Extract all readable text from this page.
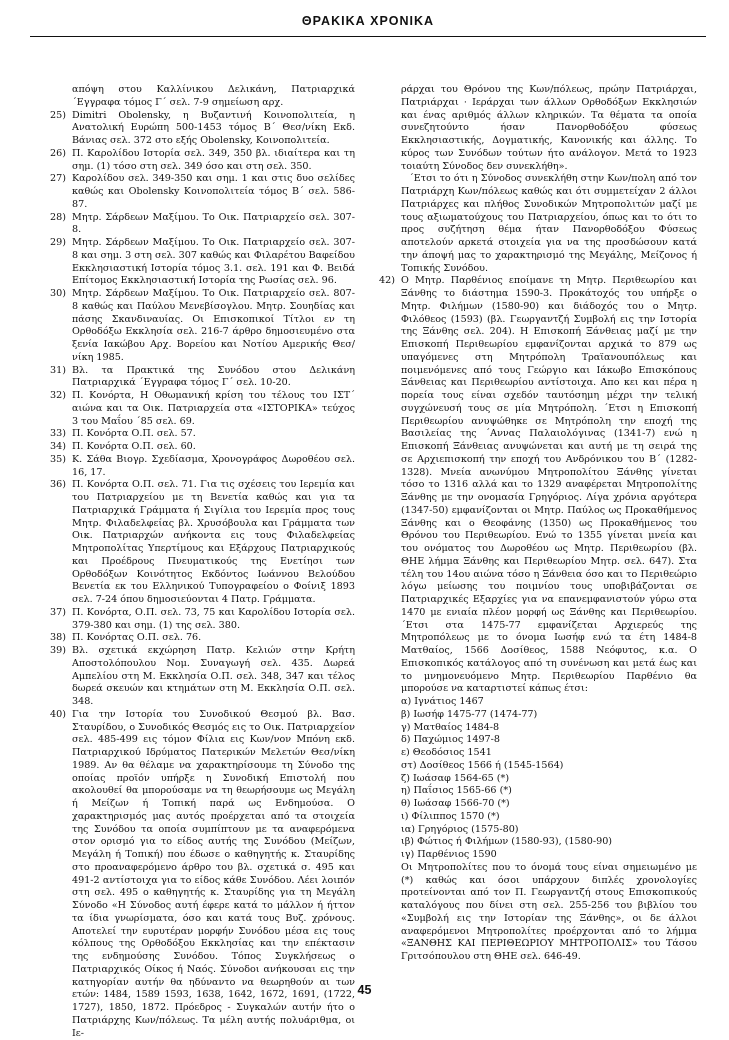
ΘΡΑΚΙΚΑ ΧΡΟΝΙΚΑ
απόψη στου Καλλίνικου Δελικάνη, Πατριαρχικά ΄Εγγραφα τόμος Γ΄ σελ. 7-9 σημείωση αρχ.
25) Dimitri Obolensky, η Βυζαντινή Κοινοπολιτεία, η Ανατολική Ευρώπη 500-1453 τόμος Β΄ Θεσ/νίκη Εκδ. Βάνιας σελ. 372 στο εξής Obolensky, Κοινοπολιτεία.
26) Π. Καρολίδου Ιστορία σελ. 349, 350 βλ. ιδιαίτερα και τη σημ. (1) τόσο στη σελ. 349 όσο και στη σελ. 350.
27) Καρολίδου σελ. 349-350 και σημ. 1 και στις δυο σελίδες καθώς και Obolensky Κοινοπολιτεία τόμος Β΄ σελ. 586-87.
28) Μητρ. Σάρδεων Μαξίμου. Το Οικ. Πατριαρχείο σελ. 307-8.
29) Μητρ. Σάρδεων Μαξίμου. Το Οικ. Πατριαρχείο σελ. 307-8 και σημ. 3 στη σελ. 307 καθώς και Φιλαρέτου Βαφείδου Εκκλησιαστική Ιστορία τόμος 3.1. σελ. 191 και Φ. Βειδά Επίτομος Εκκλησιαστική Ιστορία της Ρωσίας σελ. 96.
30) Μητρ. Σάρδεων Μαξίμου. Το Οικ. Πατριαρχείο σελ. 807-8 καθώς και Παύλου Μενεβίσογλου. Μητρ. Σουηδίας και πάσης Σκανδιναυίας. Οι Επισκοπικοί Τίτλοι εν τη Ορθοδόξω Εκκλησία σελ. 216-7 άρθρο δημοσιευμένο στα ξενία Ιακώβου Αρχ. Βορείου και Νοτίου Αμερικής Θεσ/νίκη 1985.
31) Βλ. τα Πρακτικά της Συνόδου στου Δελικάνη Πατριαρχικά ΄Εγγραφα τόμος Γ΄ σελ. 10-20.
32) Π. Κονόρτα, Η Οθωμανική κρίση του τέλους του ΙΣΤ΄ αιώνα και τα Οικ. Πατριαρχεία στα «ΙΣΤΟΡΙΚΑ» τεύχος 3 του Μαΐου ΄85 σελ. 69.
33) Π. Κονόρτα Ο.Π. σελ. 57.
34) Π. Κονόρτα Ο.Π. σελ. 60.
35) Κ. Σάθα Βιογρ. Σχεδίασμα, Χρονογράφος Δωροθέου σελ. 16, 17.
36) Π. Κονόρτα Ο.Π. σελ. 71. Για τις σχέσεις του Ιερεμία και του Πατριαρχείου με τη Βενετία καθώς και για τα Πατριαρχικά Γράμματα ή Σιγίλια του Ιερεμία προς τους Μητρ. Φιλαδελφείας βλ. Χρυσόβουλα και Γράμματα των Οικ. Πατριαρχών ανήκοντα εις τους Φιλαδελφείας Μητροπολίτας Υπερτίμους και Εξάρχους Πατριαρχικούς και Προέδρους Πνευματικούς της Ενετίησι των Ορθοδόξων Κοινότητος Εκδόντος Ιωάννου Βελούδου Βενετία εκ του Ελληνικού Τυπογραφείου ο Φοίνιξ 1893 σελ. 7-24 όπου δημοσιεύονται 4 Πατρ. Γράμματα.
37) Π. Κονόρτα, Ο.Π. σελ. 73, 75 και Καρολίδου Ιστορία σελ. 379-380 και σημ. (1) της σελ. 380.
38) Π. Κονόρτας Ο.Π. σελ. 76.
39) Βλ. σχετικά εκχώρηση Πατρ. Κελιών στην Κρήτη Αποστολόπουλου Νομ. Συναγωγή σελ. 435. Δωρεά Αμπελίου στη Μ. Εκκλησία Ο.Π. σελ. 348, 347 και τέλος δωρεά σκευών και κτημάτων στη Μ. Εκκλησία Ο.Π. σελ. 348.
40) Για την Ιστορία του Συνοδικού Θεσμού βλ. Βασ. Σταυρίδου, ο Συνοδικός Θεσμός εις το Οικ. Πατριαρχείον σελ. 485-499 εις τόμον Φίλια εις Κων/νον Μπόνη εκδ. Πατριαρχικού Ιδρύματος Πατερικών Μελετών Θεσ/νίκη 1989. Αν θα θέλαμε να χαρακτηρίσουμε τη Σύνοδο της οποίας προϊόν υπήρξε η Συνοδική Επιστολή που ακολουθεί θα μπορούσαμε να τη θεωρήσουμε ως Μεγάλη ή Μείζων ή Τοπική παρά ως Ενδημούσα. Ο χαρακτηρισμός μας αυτός προέρχεται από τα στοιχεία της Συνόδου τα οποία συμπίπτουν με τα αναφερόμενα στον ορισμό για το είδος αυτής της Συνόδου (Μείζων, Μεγάλη ή Τοπική) που έδωσε ο καθηγητής κ. Σταυρίδης στο προαναφερόμενο άρθρο του βλ. σχετικά σ. 495 και 491-2 αντίστοιχα για το είδος κάθε Συνόδου. Λέει λοιπόν στη σελ. 495 ο καθηγητής κ. Σταυρίδης για τη Μεγάλη Σύνοδο «Η Σύνοδος αυτή έφερε κατά το μάλλον ή ήττον τα ίδια γνωρίσματα, όσο και κατά τους Βυζ. χρόνους. Αποτελεί την ευρυτέραν μορφήν Συνόδου μέσα εις τους κόλπους της Ορθοδόξου Εκκλησίας και την επέκτασιν της ενδημούσης Συνόδου. Τόπος Συγκλήσεως ο Πατριαρχικός Οίκος ή Ναός. Σύνοδοι ανήκουσαι εις την κατηγορίαν αυτήν θα ηδύναντο να θεωρηθούν αι των ετών: 1484, 1589 1593, 1638, 1642, 1672, 1691, (1722, 1727), 1850, 1872. Πρόεδρος - Συγκαλών αυτήν ήτο ο Πατριάρχης Κων/πόλεως. Τα μέλη αυτής πολυάριθμα, οι Ιε-
ράρχαι του Θρόνου της Κων/πόλεως, πρώην Πατριάρχαι, Πατριάρχαι · Ιεράρχαι των άλλων Ορθοδόξων Εκκλησιών και ένας αριθμός άλλων κληρικών. Τα θέματα τα οποία συνεζητούντο ήσαν Πανορθοδόξου φύσεως Εκκλησιαστικής, Δογματικής, Κανονικής και άλλης. Το κύρος των Συνόδων τούτων ήτο ανάλογον. Μετά το 1923 τοιαύτη Σύνοδος δεν συνεκλήθη».
΄Ετσι το ότι η Σύνοδος συνεκλήθη στην Κων/πολη από τον Πατριάρχη Κων/πόλεως καθώς και ότι συμμετείχαν 2 άλλοι Πατριάρχες και πλήθος Συνοδικών Μητροπολιτών μαζί με τους αξιωματούχους του Πατριαρχείου, όπως και το ότι το προς συζήτηση θέμα ήταν Πανορθοδόξου Φύσεως αποτελούν αρκετά στοιχεία για να της προσδώσουν κατά την άποψή μας το χαρακτηρισμό της Μεγάλης, Μείζονος ή Τοπικής Συνόδου.
42) Ο Μητρ. Παρθένιος εποίμανε τη Μητρ. Περιθεωρίου και Ξάνθης το διάστημα 1590-3. Προκάτοχός του υπήρξε ο Μητρ. Φιλήμων (1580-90) και διάδοχός του ο Μητρ. Φιλόθεος (1593) (βλ. Γεωργαντζή Συμβολή εις την Ιστορία της Ξάνθης σελ. 204). Η Επισκοπή Ξάνθειας μαζί με την Επισκοπή Περιθεωρίου εμφανίζονται αρχικά το 879 ως υπαγόμενες στη Μητρόπολη Τραϊανουπόλεως και ποιμενόμενες από τους Γεώργιο και Ιάκωβο Επισκόπους Ξάνθειας και Περιθεωρίου αντίστοιχα. Απο κει και πέρα η πορεία τους είναι σχεδόν ταυτόσημη μέχρι την τελική συγχώνευσή τους σε μία Μητρόπολη. ΄Ετσι η Επισκοπή Περιθεωρίου ανυψώθηκε σε Μητρόπολη την εποχή της Βασιλείας της ΄Αννας Παλαιολόγινας (1341-7) ενώ η Επισκοπή Ξάνθειας ανυψώνεται και αυτή με τη σειρά της σε Αρχιεπισκοπή την εποχή του Ανδρόνικου του Β΄ (1282-1328). Μνεία ανωνύμου Μητροπολίτου Ξάνθης γίνεται τόσο το 1316 αλλά και το 1329 αναφέρεται Μητροπολίτης Ξάνθης με την ονομασία Γρηγόριος. Λίγα χρόνια αργότερα (1347-50) εμφανίζονται οι Μητρ. Παύλος ως Προκαθήμενος Ξάνθης και ο Θεοφάνης (1350) ως Προκαθήμενος του Θρόνου του Περιθεωρίου. Ενώ το 1355 γίνεται μνεία και του ονόματος του Δωροθέου ως Μητρ. Περιθεωρίου (βλ. ΘΗΕ λήμμα Ξάνθης και Περιθεωρίου Μητρ. σελ. 647). Στα τέλη του 14ου αιώνα τόσο η Ξάνθεια όσο και το Περιθεώριο λόγω μείωσης του ποιμνίου τους υποβιβάζονται σε Πατριαρχικές Εξαρχίες για να επανεμφανιστούν γύρω στα 1470 με ενιαία πλέον μορφή ως Ξάνθης και Περιθεωρίου. ΄Ετσι στα 1475-77 εμφανίζεται Αρχιερεύς της Μητροπόλεως με το όνομα Ιωσήφ ενώ τα έτη 1484-8 Ματθαίος, 1566 Δοσίθεος, 1588 Νεόφυτος, κ.α. Ο Επισκοπικός κατάλογος από τη συνένωση και μετά έως και το μνημονευόμενο Μητρ. Περιθεωρίου Παρθένιο θα μπορούσε να καταρτιστεί κάπως έτσι:
α) Ιγνάτιος 1467
β) Ιωσήφ 1475-77 (1474-77)
γ) Ματθαίος 1484-8
δ) Παχώμιος 1497-8
ε) Θεοδόσιος 1541
στ) Δοσίθεος 1566 ή (1545-1564)
ζ) Ιωάσαφ 1564-65 (*)
η) Παΐσιος 1565-66 (*)
θ) Ιωάσαφ 1566-70 (*)
ι) Φίλιππος 1570 (*)
ια) Γρηγόριος (1575-80)
ιβ) Φώτιος ή Φιλήμων (1580-93), (1580-90)
ιγ) Παρθένιος 1590
Οι Μητροπολίτες που το όνομά τους είναι σημειωμένο με (*) καθώς και όσοι υπάρχουν διπλές χρονολογίες προτείνονται από τον Π. Γεωργαντζή στους Επισκοπικούς καταλόγους που δίνει στη σελ. 255-256 του βιβλίου του «Συμβολή εις την Ιστορίαν της Ξάνθης», οι δε άλλοι αναφερόμενοι Μητροπολίτες προέρχονται από το λήμμα «ΞΑΝΘΗΣ ΚΑΙ ΠΕΡΙΘΕΩΡΙΟΥ ΜΗΤΡΟΠΟΛΙΣ» του Τάσου Γριτσόπουλου στη ΘΗΕ σελ. 646-49.
45
